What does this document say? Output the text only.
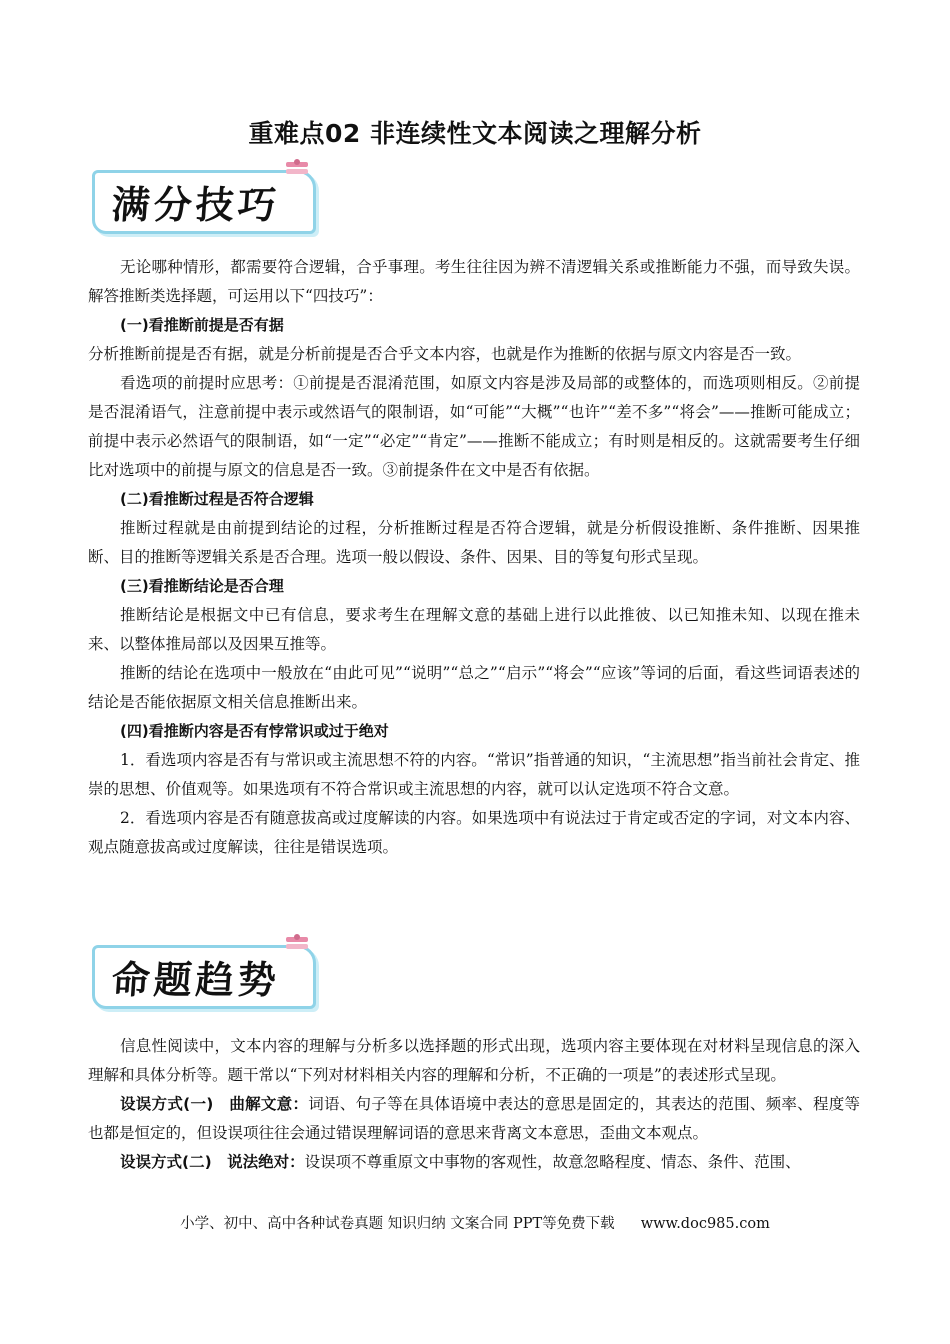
重难点02 非连续性文本阅读之理解分析
满分技巧

无论哪种情形，都需要符合逻辑，合乎事理。考生往往因为辨不清逻辑关系或推断能力不强，而导致失误。解答推断类选择题，可运用以下“四技巧”：

(一)看推断前提是否有据

分析推断前提是否有据，就是分析前提是否合乎文本内容，也就是作为推断的依据与原文内容是否一致。

看选项的前提时应思考：①前提是否混淆范围，如原文内容是涉及局部的或整体的，而选项则相反。②前提是否混淆语气，注意前提中表示或然语气的限制语，如“可能”“大概”“也许”“差不多”“将会”——推断可能成立；前提中表示必然语气的限制语，如“一定”“必定”“肯定”——推断不能成立；有时则是相反的。这就需要考生仔细比对选项中的前提与原文的信息是否一致。③前提条件在文中是否有依据。

(二)看推断过程是否符合逻辑

推断过程就是由前提到结论的过程，分析推断过程是否符合逻辑，就是分析假设推断、条件推断、因果推断、目的推断等逻辑关系是否合理。选项一般以假设、条件、因果、目的等复句形式呈现。

(三)看推断结论是否合理

推断结论是根据文中已有信息，要求考生在理解文意的基础上进行以此推彼、以已知推未知、以现在推未来、以整体推局部以及因果互推等。

推断的结论在选项中一般放在“由此可见”“说明”“总之”“启示”“将会”“应该”等词的后面，看这些词语表述的结论是否能依据原文相关信息推断出来。

(四)看推断内容是否有悖常识或过于绝对

1．看选项内容是否有与常识或主流思想不符的内容。“常识”指普通的知识，“主流思想”指当前社会肯定、推崇的思想、价值观等。如果选项有不符合常识或主流思想的内容，就可以认定选项不符合文意。

2．看选项内容是否有随意拔高或过度解读的内容。如果选项中有说法过于肯定或否定的字词，对文本内容、观点随意拔高或过度解读，往往是错误选项。

命题趋势

信息性阅读中，文本内容的理解与分析多以选择题的形式出现，选项内容主要体现在对材料呈现信息的深入理解和具体分析等。题干常以“下列对材料相关内容的理解和分析，不正确的一项是”的表述形式呈现。

设误方式(一)　曲解文意：词语、句子等在具体语境中表达的意思是固定的，其表达的范围、频率、程度等也都是恒定的，但设误项往往会通过错误理解词语的意思来背离文本意思，歪曲文本观点。

设误方式(二)　说法绝对：设误项不尊重原文中事物的客观性，故意忽略程度、情态、条件、范围、

小学、初中、高中各种试卷真题 知识归纳 文案合同 PPT等免费下载 www.doc985.com
